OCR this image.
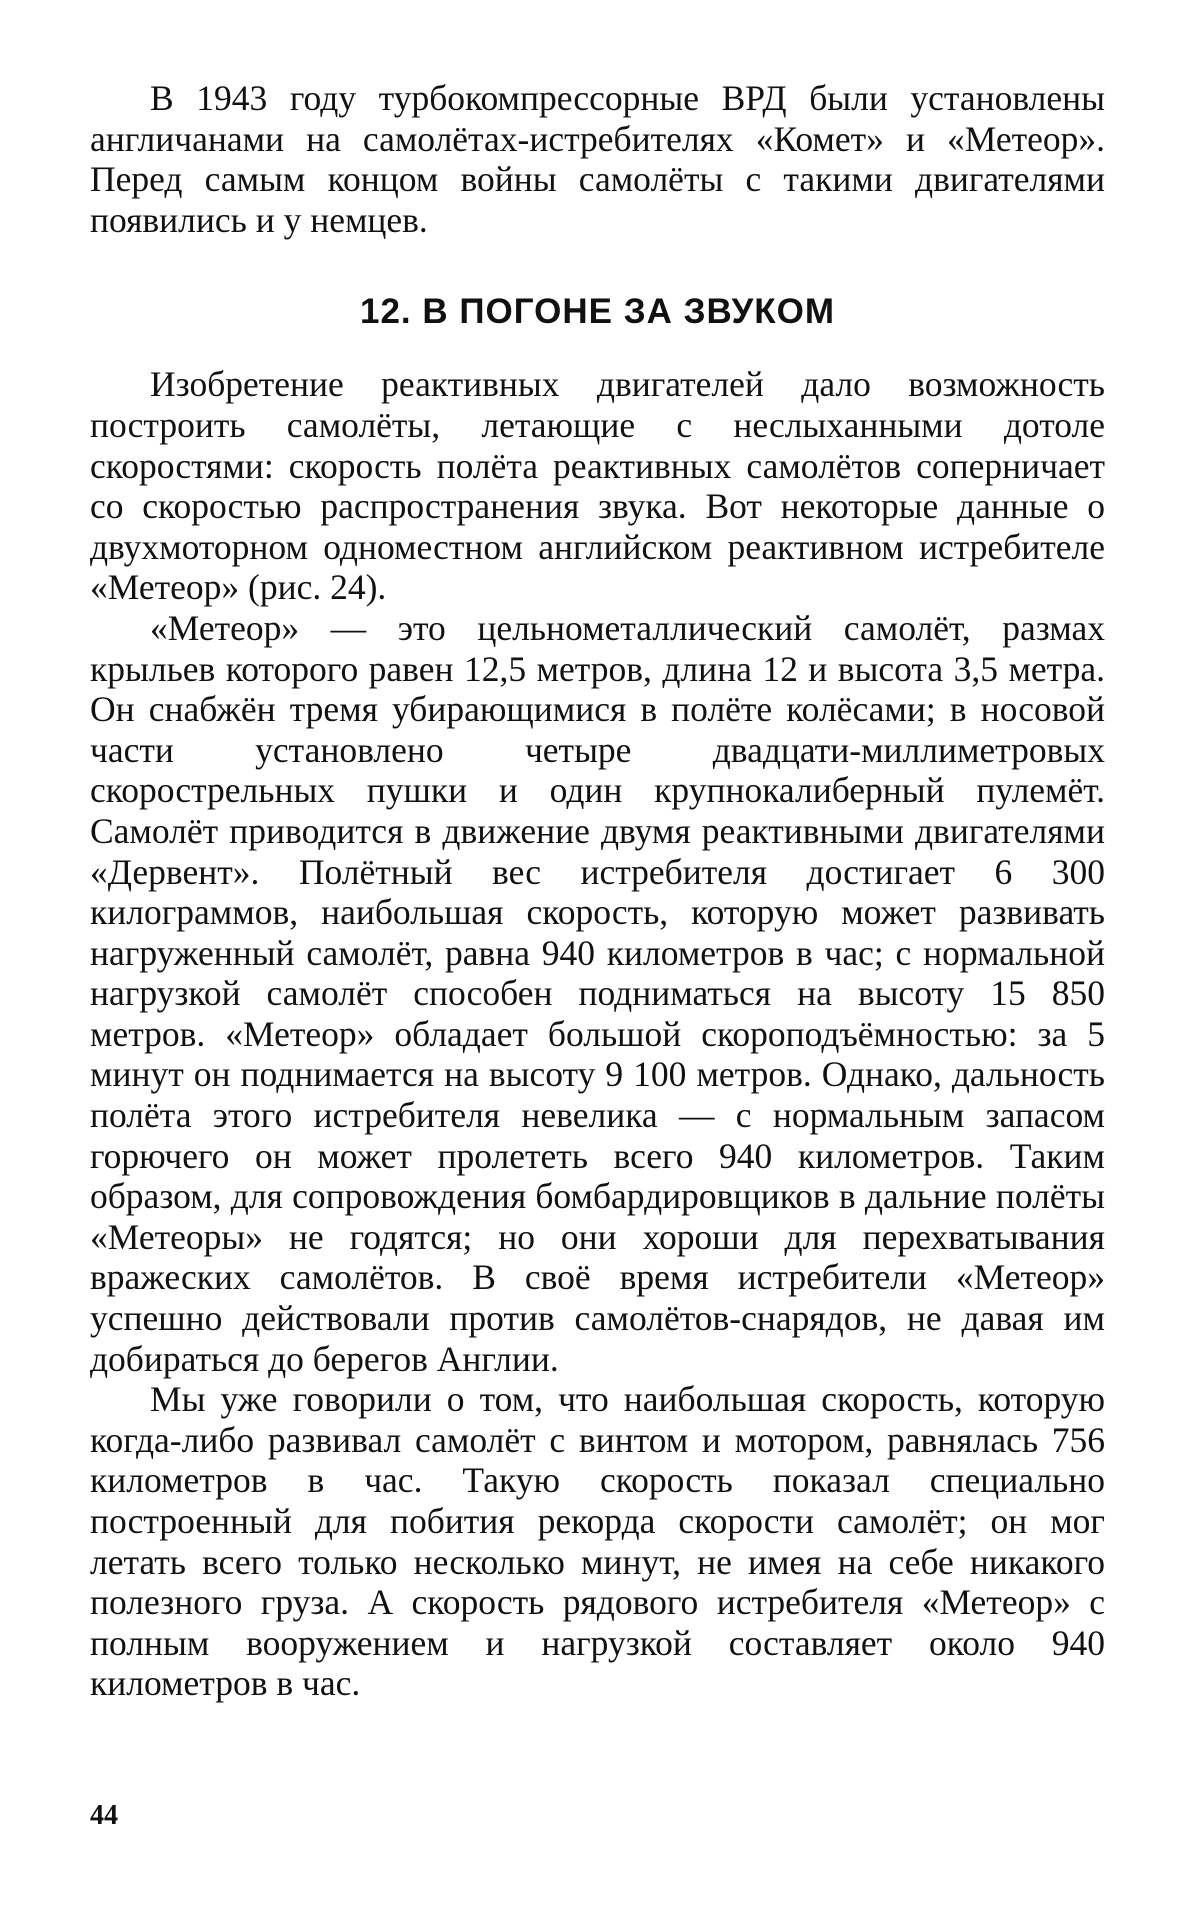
В 1943 году турбокомпрессорные ВРД были установлены англичанами на самолётах-истребителях «Комет» и «Метеор». Перед самым концом войны самолёты с такими двигателями появились и у немцев.

12. В ПОГОНЕ ЗА ЗВУКОМ

Изобретение реактивных двигателей дало возможность построить самолёты, летающие с неслыханными дотоле скоростями: скорость полёта реактивных самолётов соперничает со скоростью распространения звука. Вот некоторые данные о двухмоторном одноместном английском реактивном истребителе «Метеор» (рис. 24).

«Метеор» — это цельнометаллический самолёт, размах крыльев которого равен 12,5 метров, длина 12 и высота 3,5 метра. Он снабжён тремя убирающимися в полёте колёсами; в носовой части установлено четыре двадцати-миллиметровых скорострельных пушки и один крупнокалиберный пулемёт. Самолёт приводится в движение двумя реактивными двигателями «Дервент». Полётный вес истребителя достигает 6 300 килограммов, наибольшая скорость, которую может развивать нагруженный самолёт, равна 940 километров в час; с нормальной нагрузкой самолёт способен подниматься на высоту 15 850 метров. «Метеор» обладает большой скороподъёмностью: за 5 минут он поднимается на высоту 9 100 метров. Однако, дальность полёта этого истребителя невелика — с нормальным запасом горючего он может пролететь всего 940 километров. Таким образом, для сопровождения бомбардировщиков в дальние полёты «Метеоры» не годятся; но они хороши для перехватывания вражеских самолётов. В своё время истребители «Метеор» успешно действовали против самолётов-снарядов, не давая им добираться до берегов Англии.

Мы уже говорили о том, что наибольшая скорость, которую когда-либо развивал самолёт с винтом и мотором, равнялась 756 километров в час. Такую скорость показал специально построенный для побития рекорда скорости самолёт; он мог летать всего только несколько минут, не имея на себе никакого полезного груза. А скорость рядового истребителя «Метеор» с полным вооружением и нагрузкой составляет около 940 километров в час.

44
